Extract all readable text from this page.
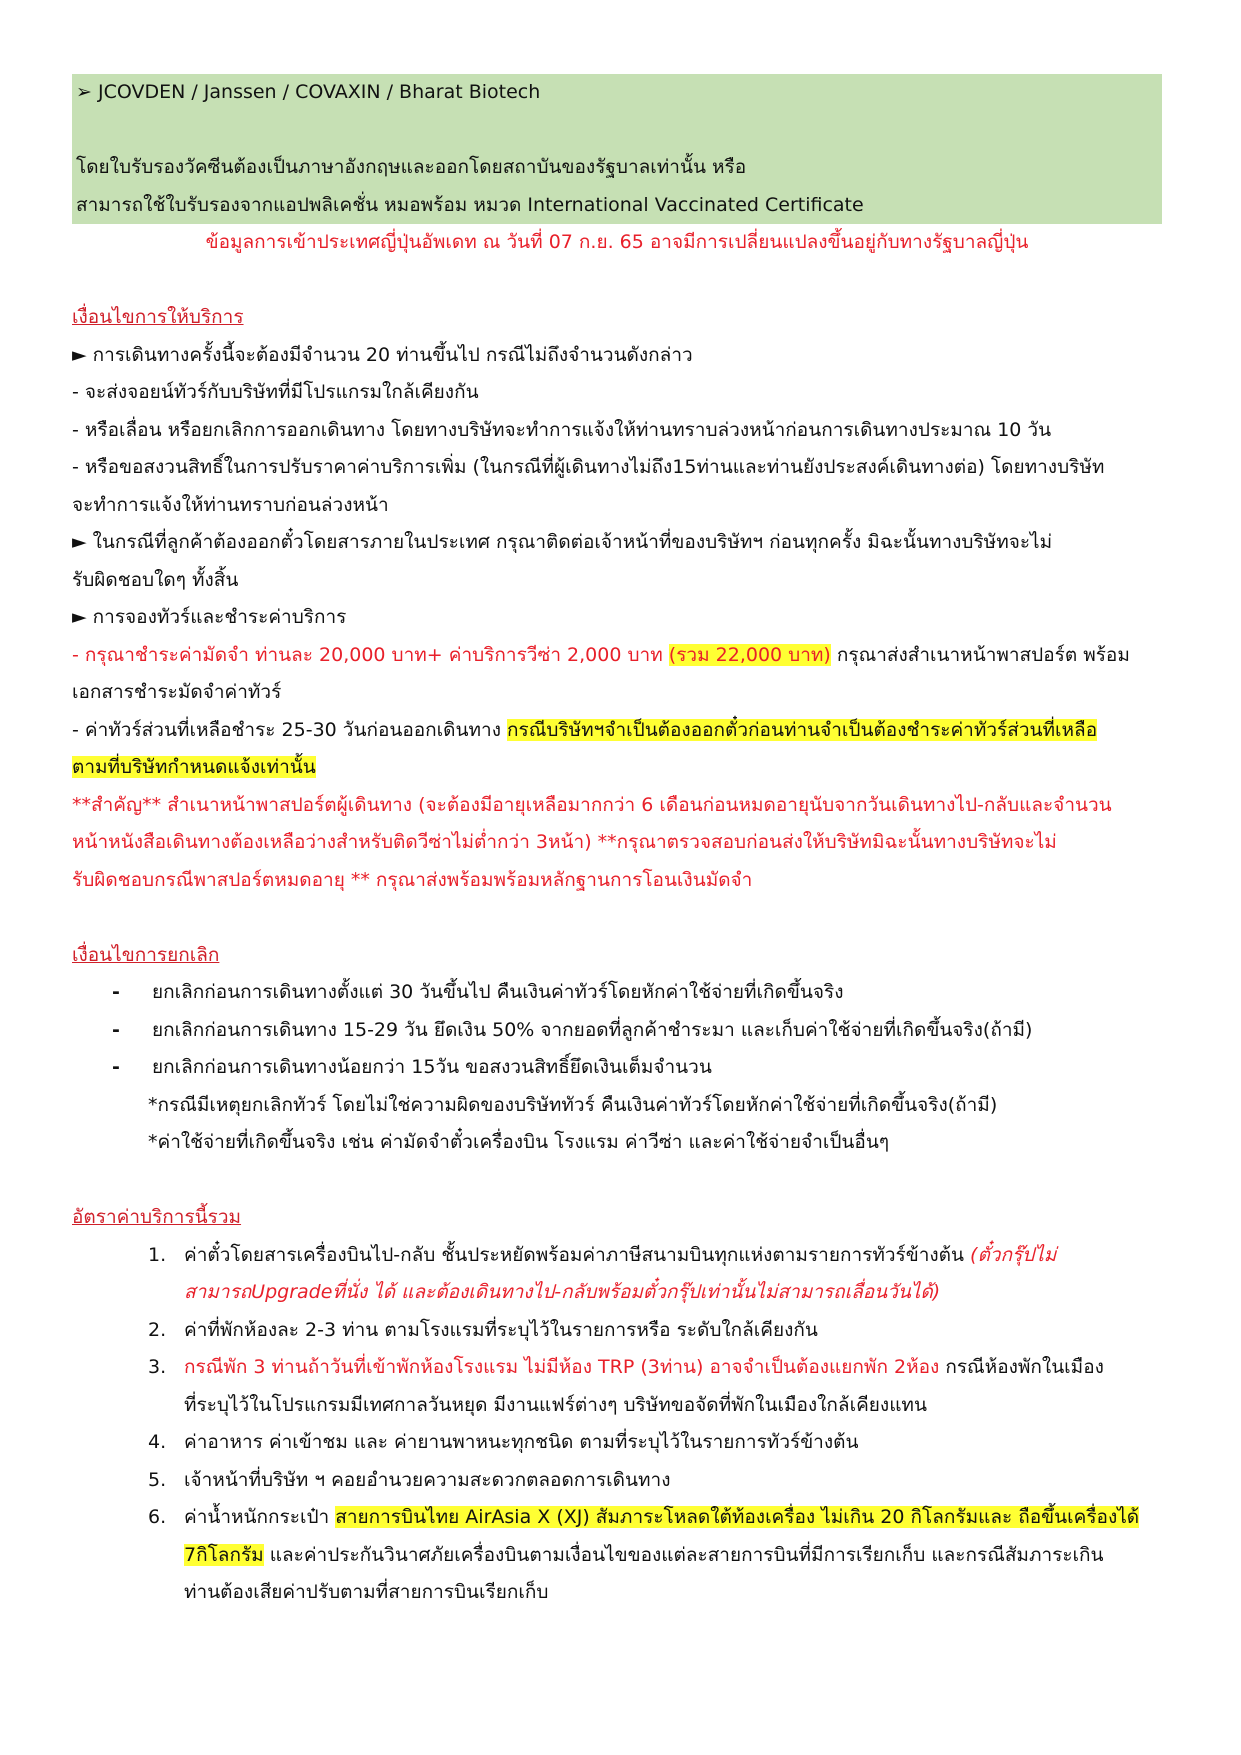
➢ JCOVDEN / Janssen / COVAXIN / Bharat Biotech
โดยใบรับรองวัคซีนต้องเป็นภาษาอังกฤษและออกโดยสถาบันของรัฐบาลเท่านั้น หรือ
สามารถใช้ใบรับรองจากแอปพลิเคชั่น หมอพร้อม หมวด International Vaccinated Certificate
ข้อมูลการเข้าประเทศญี่ปุ่นอัพเดท ณ วันที่ 07 ก.ย. 65 อาจมีการเปลี่ยนแปลงขึ้นอยู่กับทางรัฐบาลญี่ปุ่น
เงื่อนไขการให้บริการ
► การเดินทางครั้งนี้จะต้องมีจำนวน 20 ท่านขึ้นไป กรณีไม่ถึงจำนวนดังกล่าว
- จะส่งจอยน์ทัวร์กับบริษัทที่มีโปรแกรมใกล้เคียงกัน
- หรือเลื่อน หรือยกเลิกการออกเดินทาง โดยทางบริษัทจะทำการแจ้งให้ท่านทราบล่วงหน้าก่อนการเดินทางประมาณ 10 วัน
- หรือขอสงวนสิทธิ์ในการปรับราคาค่าบริการเพิ่ม (ในกรณีที่ผู้เดินทางไม่ถึง15ท่านและท่านยังประสงค์เดินทางต่อ) โดยทางบริษัท
จะทำการแจ้งให้ท่านทราบก่อนล่วงหน้า
► ในกรณีที่ลูกค้าต้องออกตั๋วโดยสารภายในประเทศ กรุณาติดต่อเจ้าหน้าที่ของบริษัทฯ ก่อนทุกครั้ง มิฉะนั้นทางบริษัทจะไม่
รับผิดชอบใดๆ ทั้งสิ้น
► การจองทัวร์และชำระค่าบริการ
- กรุณาชำระค่ามัดจำ ท่านละ 20,000 บาท+ ค่าบริการวีซ่า 2,000 บาท (รวม 22,000 บาท) กรุณาส่งสำเนาหน้าพาสปอร์ต พร้อม
เอกสารชำระมัดจำค่าทัวร์
- ค่าทัวร์ส่วนที่เหลือชำระ 25-30 วันก่อนออกเดินทาง กรณีบริษัทฯจำเป็นต้องออกตั๋วก่อนท่านจำเป็นต้องชำระค่าทัวร์ส่วนที่เหลือ
ตามที่บริษัทกำหนดแจ้งเท่านั้น
**สำคัญ** สำเนาหน้าพาสปอร์ตผู้เดินทาง (จะต้องมีอายุเหลือมากกว่า 6 เดือนก่อนหมดอายุนับจากวันเดินทางไป-กลับและจำนวน
หน้าหนังสือเดินทางต้องเหลือว่างสำหรับติดวีซ่าไม่ต่ำกว่า 3หน้า) **กรุณาตรวจสอบก่อนส่งให้บริษัทมิฉะนั้นทางบริษัทจะไม่
รับผิดชอบกรณีพาสปอร์ตหมดอายุ ** กรุณาส่งพร้อมพร้อมหลักฐานการโอนเงินมัดจำ
เงื่อนไขการยกเลิก
- ยกเลิกก่อนการเดินทางตั้งแต่ 30 วันขึ้นไป คืนเงินค่าทัวร์โดยหักค่าใช้จ่ายที่เกิดขึ้นจริง
- ยกเลิกก่อนการเดินทาง 15-29 วัน ยึดเงิน 50% จากยอดที่ลูกค้าชำระมา และเก็บค่าใช้จ่ายที่เกิดขึ้นจริง(ถ้ามี)
- ยกเลิกก่อนการเดินทางน้อยกว่า 15วัน ขอสงวนสิทธิ์ยึดเงินเต็มจำนวน
*กรณีมีเหตุยกเลิกทัวร์ โดยไม่ใช่ความผิดของบริษัททัวร์ คืนเงินค่าทัวร์โดยหักค่าใช้จ่ายที่เกิดขึ้นจริง(ถ้ามี)
*ค่าใช้จ่ายที่เกิดขึ้นจริง เช่น ค่ามัดจำตั๋วเครื่องบิน โรงแรม ค่าวีซ่า และค่าใช้จ่ายจำเป็นอื่นๆ
อัตราค่าบริการนี้รวม
1. ค่าตั๋วโดยสารเครื่องบินไป-กลับ ชั้นประหยัดพร้อมค่าภาษีสนามบินทุกแห่งตามรายการทัวร์ข้างต้น (ตั๋วกรุ๊ปไม่
สามารถUpgradeที่นั่ง ได้ และต้องเดินทางไป-กลับพร้อมตั๋วกรุ๊ปเท่านั้นไม่สามารถเลื่อนวันได้)
2. ค่าที่พักห้องละ 2-3 ท่าน ตามโรงแรมที่ระบุไว้ในรายการหรือ ระดับใกล้เคียงกัน
3. กรณีพัก 3 ท่านถ้าวันที่เข้าพักห้องโรงแรม ไม่มีห้อง TRP (3ท่าน) อาจจำเป็นต้องแยกพัก 2ห้อง กรณีห้องพักในเมือง
ที่ระบุไว้ในโปรแกรมมีเทศกาลวันหยุด มีงานแฟร์ต่างๆ บริษัทขอจัดที่พักในเมืองใกล้เคียงแทน
4. ค่าอาหาร ค่าเข้าชม และ ค่ายานพาหนะทุกชนิด ตามที่ระบุไว้ในรายการทัวร์ข้างต้น
5. เจ้าหน้าที่บริษัท ฯ คอยอำนวยความสะดวกตลอดการเดินทาง
6. ค่าน้ำหนักกระเป๋า สายการบินไทย AirAsia X (XJ) สัมภาระโหลดใต้ท้องเครื่อง ไม่เกิน 20 กิโลกรัมและ ถือขึ้นเครื่องได้
7กิโลกรัม และค่าประกันวินาศภัยเครื่องบินตามเงื่อนไขของแต่ละสายการบินที่มีการเรียกเก็บ และกรณีสัมภาระเกิน
ท่านต้องเสียค่าปรับตามที่สายการบินเรียกเก็บ
